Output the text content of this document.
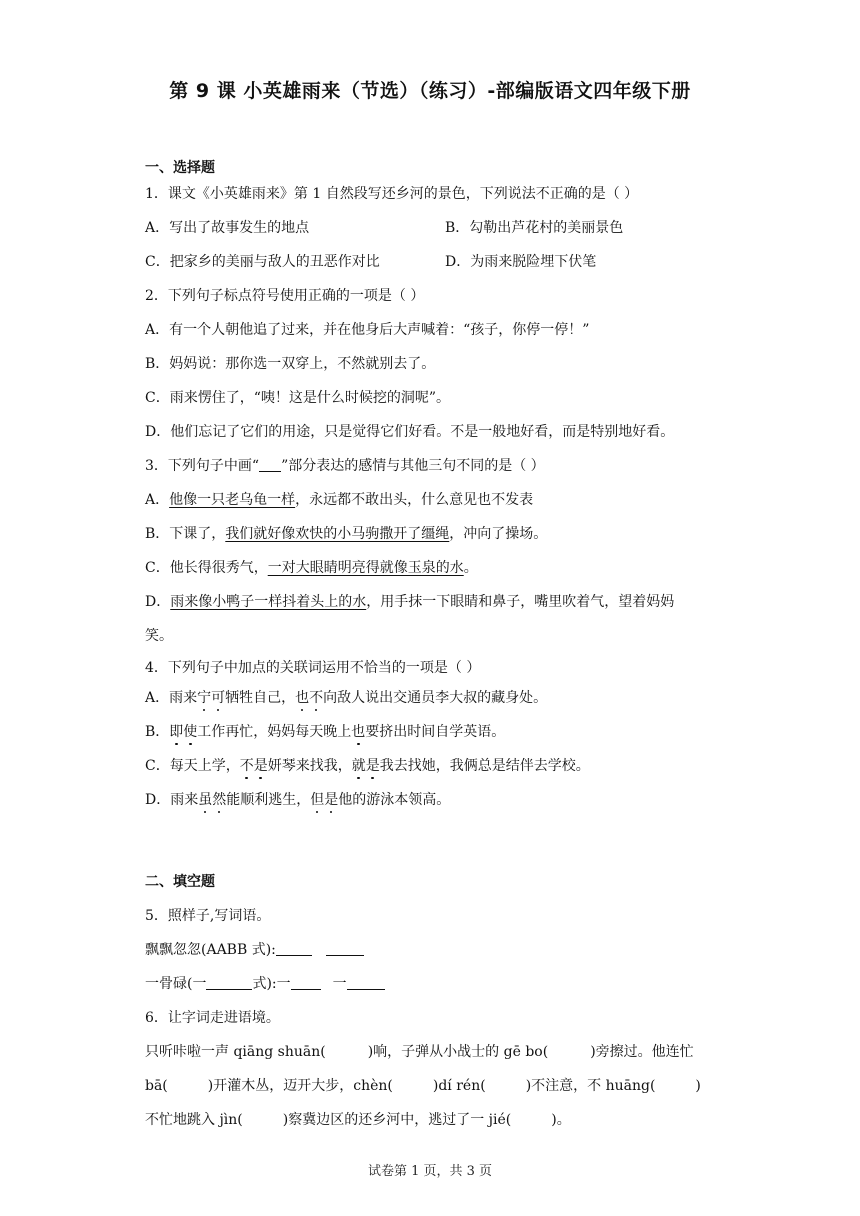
第 9 课 小英雄雨来（节选）（练习）-部编版语文四年级下册
一、选择题
1．课文《小英雄雨来》第 1 自然段写还乡河的景色，下列说法不正确的是（ ）
A．写出了故事发生的地点	B．勾勒出芦花村的美丽景色
C．把家乡的美丽与敌人的丑恶作对比	D．为雨来脱险埋下伏笔
2．下列句子标点符号使用正确的一项是（ ）
A．有一个人朝他追了过来，并在他身后大声喊着：“孩子，你停一停！”
B．妈妈说：那你选一双穿上，不然就别去了。
C．雨来愣住了，“咦！这是什么时候挖的洞呢”。
D．他们忘记了它们的用途，只是觉得它们好看。不是一般地好看，而是特别地好看。
3．下列句子中画“ ”部分表达的感情与其他三句不同的是（ ）
A．他像一只老乌龟一样，永远都不敢出头，什么意见也不发表
B．下课了，我们就好像欢快的小马驹撒开了缰绳，冲向了操场。
C．他长得很秀气，一对大眼睛明亮得就像玉泉的水。
D．雨来像小鸭子一样抖着头上的水，用手抹一下眼睛和鼻子，嘴里吹着气，望着妈妈
笑。
4．下列句子中加点的关联词运用不恰当的一项是（ ）
A．雨来宁可牺牲自己，也不向敌人说出交通员李大叔的藏身处。
B．即使工作再忙，妈妈每天晚上也要挤出时间自学英语。
C．每天上学，不是妍琴来找我，就是我去找她，我俩总是结伴去学校。
D．雨来虽然能顺利逃生，但是他的游泳本领高。
二、填空题
5．照样子,写词语。
飘飘忽忽(AABB 式):
一骨碌(一	式):一	一
6．让字词走进语境。
只听咔啦一声 qiāng shuān(	)响，子弹从小战士的 gē bo(	)旁擦过。他连忙
bā(	)开灌木丛，迈开大步，chèn(	)dí rén(	)不注意，不 huāng(	)
不忙地跳入 jìn(	)察冀边区的还乡河中，逃过了一 jié(	)。
试卷第 1 页，共 3 页
